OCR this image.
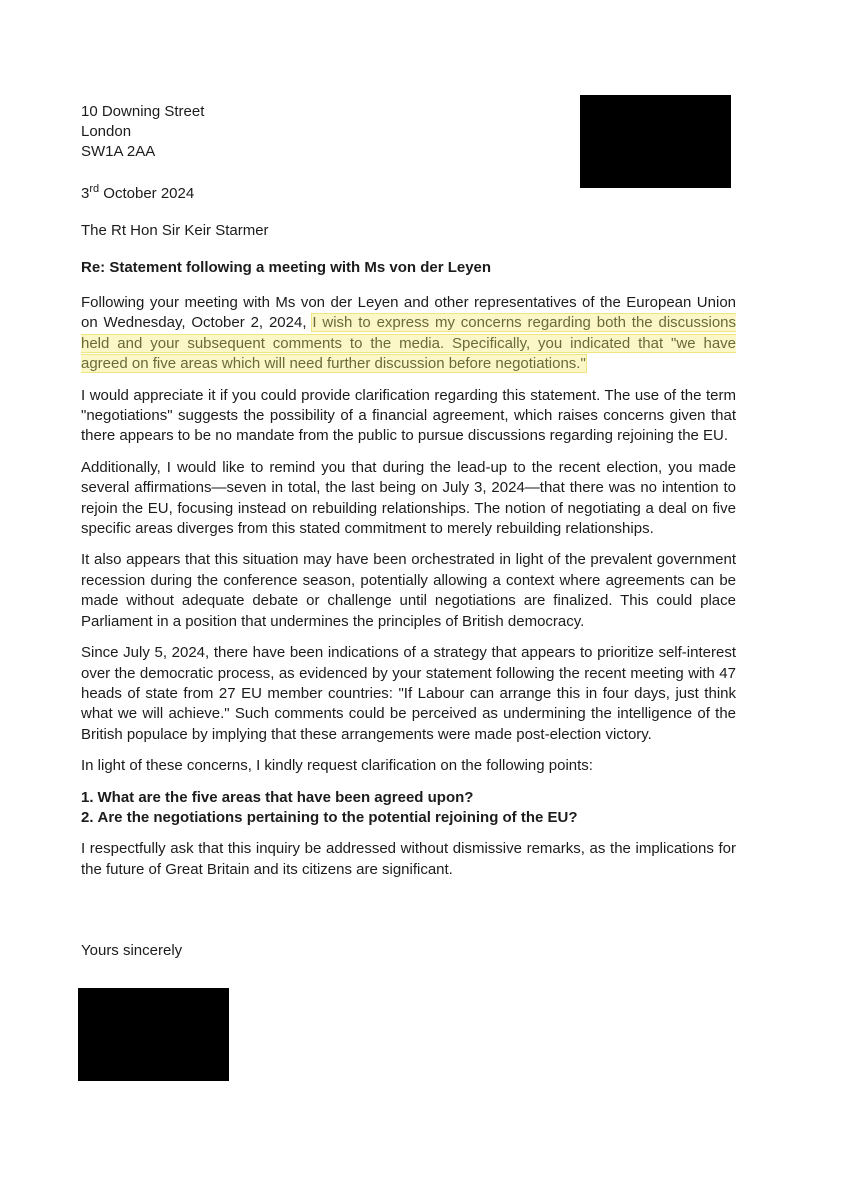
10 Downing Street
London
SW1A 2AA
3rd October 2024
The Rt Hon Sir Keir Starmer
Re: Statement following a meeting with Ms von der Leyen

Following your meeting with Ms von der Leyen and other representatives of the European Union on Wednesday, October 2, 2024, I wish to express my concerns regarding both the discussions held and your subsequent comments to the media. Specifically, you indicated that "we have agreed on five areas which will need further discussion before negotiations."

I would appreciate it if you could provide clarification regarding this statement. The use of the term "negotiations" suggests the possibility of a financial agreement, which raises concerns given that there appears to be no mandate from the public to pursue discussions regarding rejoining the EU.

Additionally, I would like to remind you that during the lead-up to the recent election, you made several affirmations—seven in total, the last being on July 3, 2024—that there was no intention to rejoin the EU, focusing instead on rebuilding relationships. The notion of negotiating a deal on five specific areas diverges from this stated commitment to merely rebuilding relationships.

It also appears that this situation may have been orchestrated in light of the prevalent government recession during the conference season, potentially allowing a context where agreements can be made without adequate debate or challenge until negotiations are finalized. This could place Parliament in a position that undermines the principles of British democracy.

Since July 5, 2024, there have been indications of a strategy that appears to prioritize self-interest over the democratic process, as evidenced by your statement following the recent meeting with 47 heads of state from 27 EU member countries: "If Labour can arrange this in four days, just think what we will achieve." Such comments could be perceived as undermining the intelligence of the British populace by implying that these arrangements were made post-election victory.

In light of these concerns, I kindly request clarification on the following points:

1. What are the five areas that have been agreed upon?
2. Are the negotiations pertaining to the potential rejoining of the EU?

I respectfully ask that this inquiry be addressed without dismissive remarks, as the implications for the future of Great Britain and its citizens are significant.

Yours sincerely
